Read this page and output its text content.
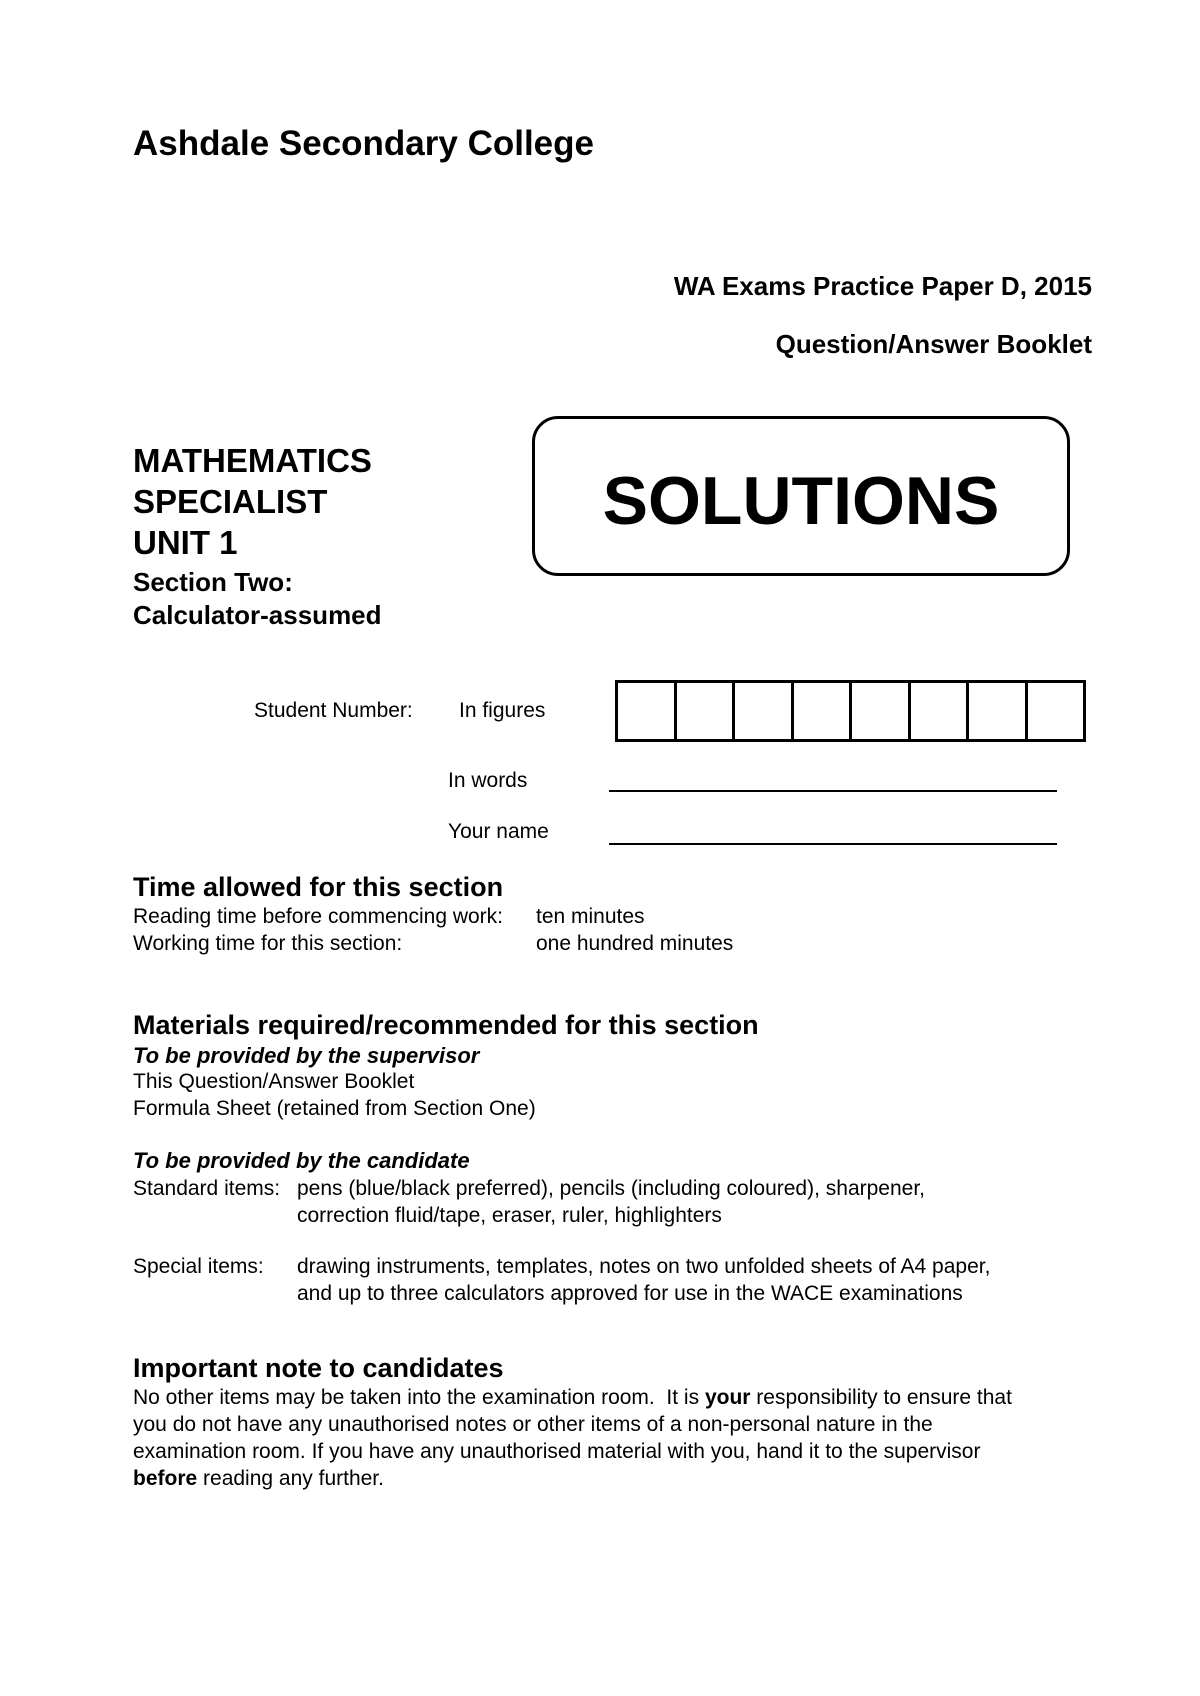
Ashdale Secondary College
WA Exams Practice Paper D, 2015
Question/Answer Booklet
MATHEMATICS
SPECIALIST
UNIT 1
Section Two:
Calculator-assumed
SOLUTIONS
Student Number: In figures
In words
Your name
Time allowed for this section
Reading time before commencing work: ten minutes
Working time for this section:	one hundred minutes
Materials required/recommended for this section
To be provided by the supervisor
This Question/Answer Booklet
Formula Sheet (retained from Section One)
To be provided by the candidate
Standard items: pens (blue/black preferred), pencils (including coloured), sharpener,
correction fluid/tape, eraser, ruler, highlighters
Special items: drawing instruments, templates, notes on two unfolded sheets of A4 paper,
and up to three calculators approved for use in the WACE examinations
Important note to candidates
No other items may be taken into the examination room.  It is your responsibility to ensure that
you do not have any unauthorised notes or other items of a non-personal nature in the
examination room. If you have any unauthorised material with you, hand it to the supervisor
before reading any further.
